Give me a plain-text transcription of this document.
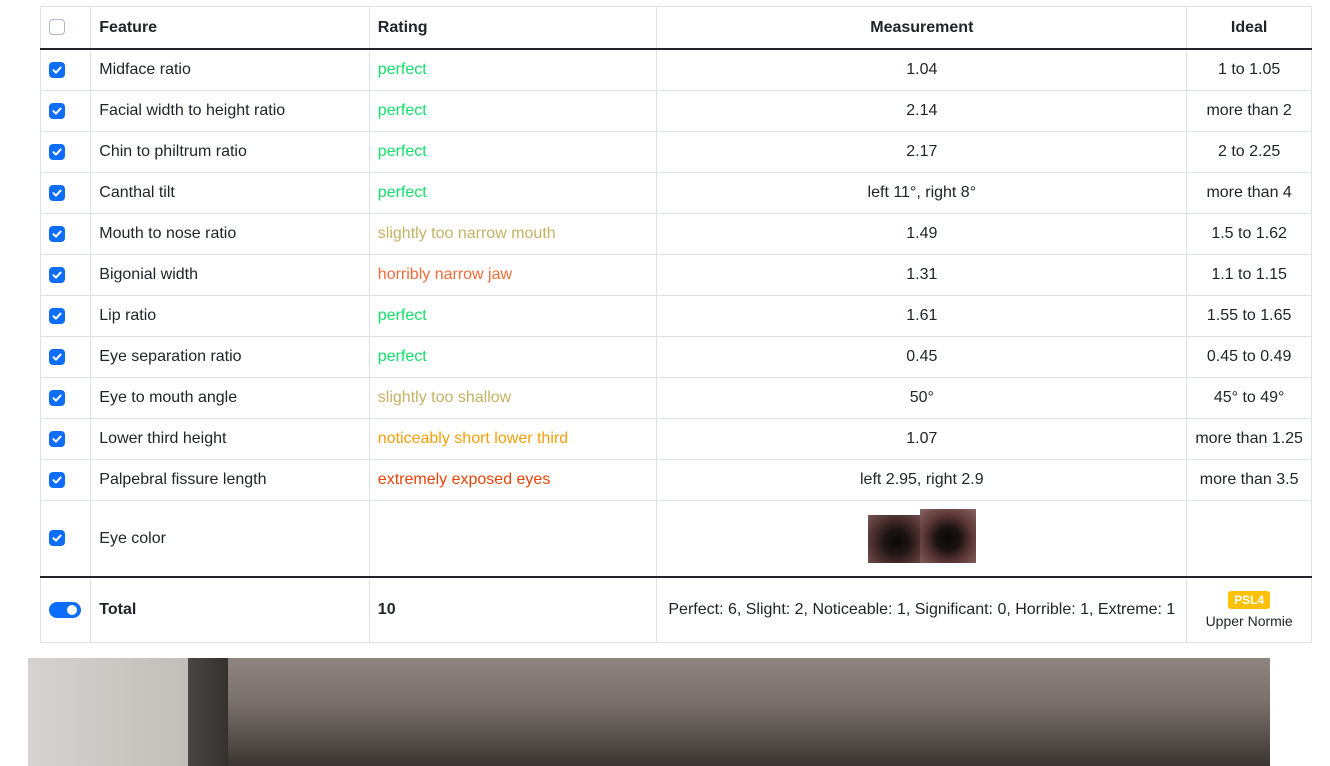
	Feature	Rating	Measurement	Ideal

	Midface ratio	perfect	1.04	1 to 1.05

	Facial width to height ratio	perfect	2.14	more than 2

	Chin to philtrum ratio	perfect	2.17	2 to 2.25

	Canthal tilt	perfect	left 11°, right 8°	more than 4

	Mouth to nose ratio	slightly too narrow mouth	1.49	1.5 to 1.62

	Bigonial width	horribly narrow jaw	1.31	1.1 to 1.15

	Lip ratio	perfect	1.61	1.55 to 1.65

	Eye separation ratio	perfect	0.45	0.45 to 0.49

	Eye to mouth angle	slightly too shallow	50°	45° to 49°

	Lower third height	noticeably short lower third	1.07	more than 1.25

	Palpebral fissure length	extremely exposed eyes	left 2.95, right 2.9	more than 3.5

	Eye color			

	Total	10	Perfect: 6, Slight: 2, Noticeable: 1, Significant: 0, Horrible: 1, Extreme: 1	PSL4
Upper Normie
